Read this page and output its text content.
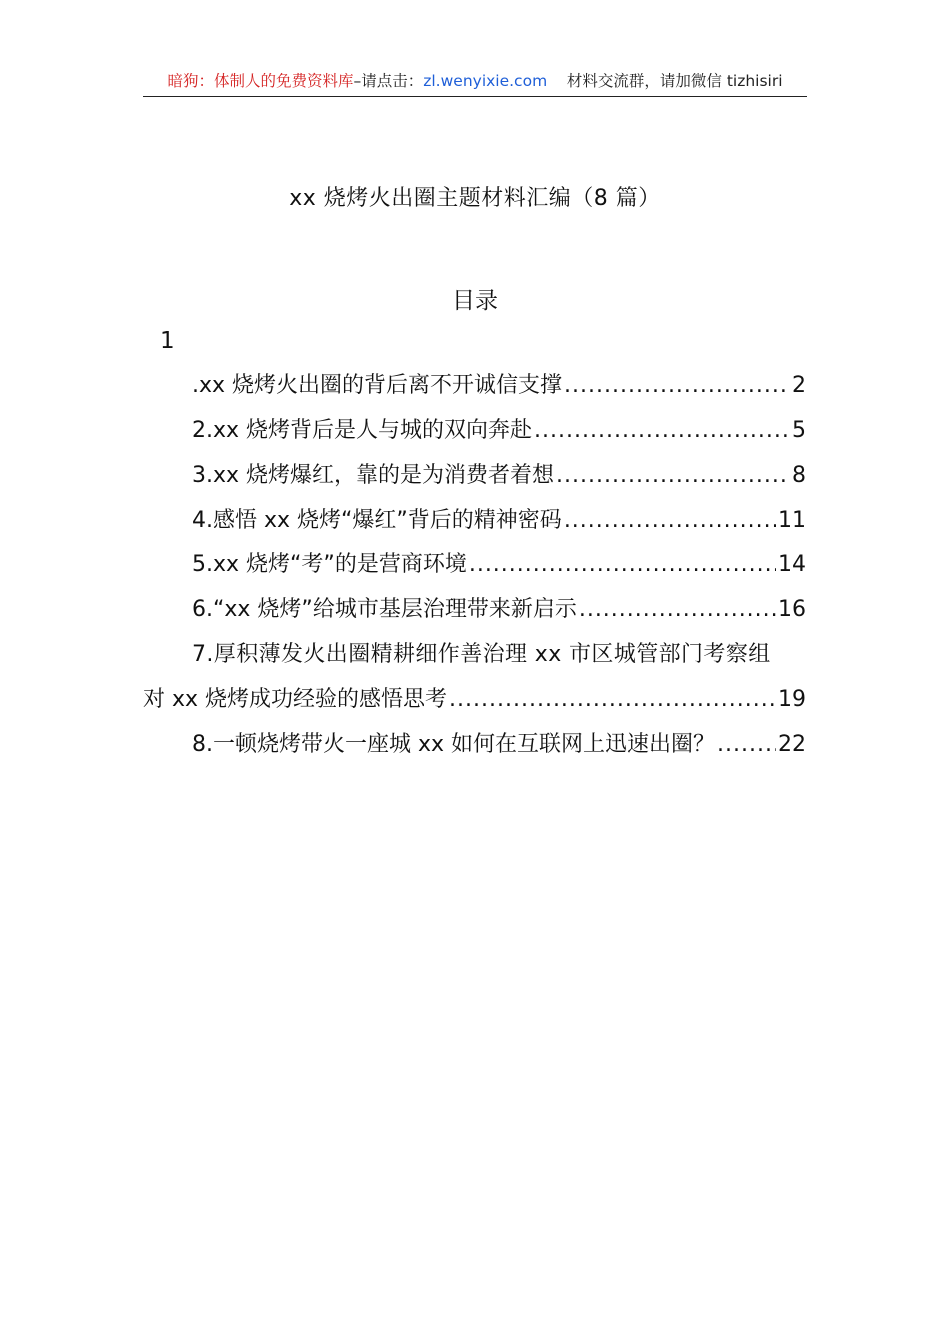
暗狗：体制人的免费资料库–请点击：zl.wenyixie.com 材料交流群，请加微信 tizhisiri
xx 烧烤火出圈主题材料汇编（8 篇）
目录
1
.xx 烧烤火出圈的背后离不开诚信支撑 .....	2
2.xx 烧烤背后是人与城的双向奔赴 .....	5
3.xx 烧烤爆红，靠的是为消费者着想 .....	8
4.感悟 xx 烧烤“爆红”背后的精神密码 .....	11
5.xx 烧烤“考”的是营商环境 .....	14
6.“xx 烧烤”给城市基层治理带来新启示 .....	16
7.厚积薄发火出圈精耕细作善治理 xx 市区城管部门考察组
对 xx 烧烤成功经验的感悟思考 .....	19
8.一顿烧烤带火一座城 xx 如何在互联网上迅速出圈？ .....	22
